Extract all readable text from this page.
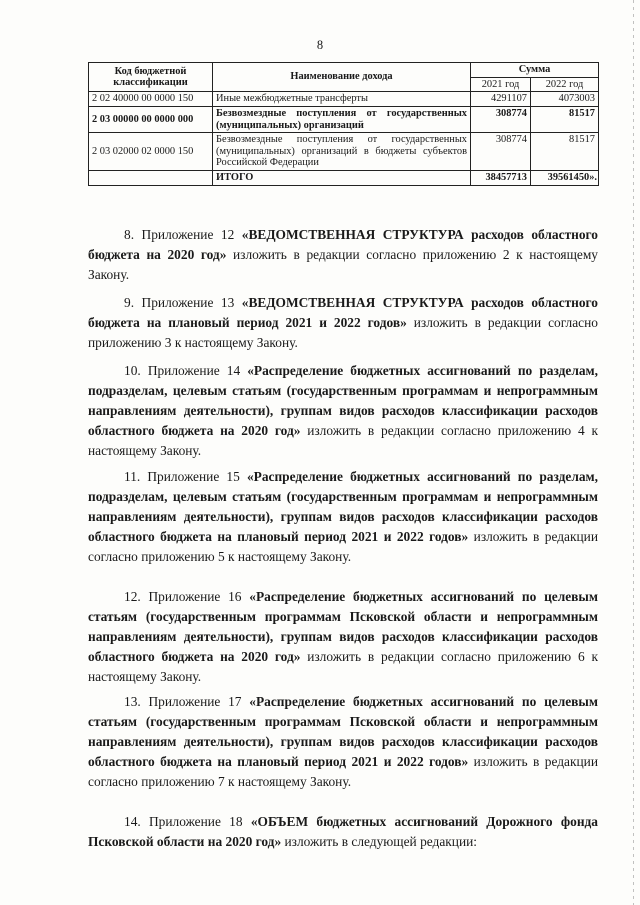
8
Код бюджетной классификации	Наименование дохода	Сумма	
		2021 год	2022 год
2 02 40000 00 0000 150	Иные межбюджетные трансферты	4291107	4073003
2 03 00000 00 0000 000	Безвозмездные поступления от государственных (муниципальных) организаций	308774	81517
2 03 02000 02 0000 150	Безвозмездные поступления от государственных (муниципальных) организаций в бюджеты субъектов Российской Федерации	308774	81517
	ИТОГО	38457713	39561450».

8. Приложение 12 «ВЕДОМСТВЕННАЯ СТРУКТУРА расходов областного бюджета на 2020 год» изложить в редакции согласно приложению 2 к настоящему Закону.

9. Приложение 13 «ВЕДОМСТВЕННАЯ СТРУКТУРА расходов областного бюджета на плановый период 2021 и 2022 годов» изложить в редакции согласно приложению 3 к настоящему Закону.

10. Приложение 14 «Распределение бюджетных ассигнований по разделам, подразделам, целевым статьям (государственным программам и непрограммным направлениям деятельности), группам видов расходов классификации расходов областного бюджета на 2020 год» изложить в редакции согласно приложению 4 к настоящему Закону.

11. Приложение 15 «Распределение бюджетных ассигнований по разделам, подразделам, целевым статьям (государственным программам и непрограммным направлениям деятельности), группам видов расходов классификации расходов областного бюджета на плановый период 2021 и 2022 годов» изложить в редакции согласно приложению 5 к настоящему Закону.

12. Приложение 16 «Распределение бюджетных ассигнований по целевым статьям (государственным программам Псковской области и непрограммным направлениям деятельности), группам видов расходов классификации расходов областного бюджета на 2020 год» изложить в редакции согласно приложению 6 к настоящему Закону.

13. Приложение 17 «Распределение бюджетных ассигнований по целевым статьям (государственным программам Псковской области и непрограммным направлениям деятельности), группам видов расходов классификации расходов областного бюджета на плановый период 2021 и 2022 годов» изложить в редакции согласно приложению 7 к настоящему Закону.

14. Приложение 18 «ОБЪЕМ бюджетных ассигнований Дорожного фонда Псковской области на 2020 год» изложить в следующей редакции:
